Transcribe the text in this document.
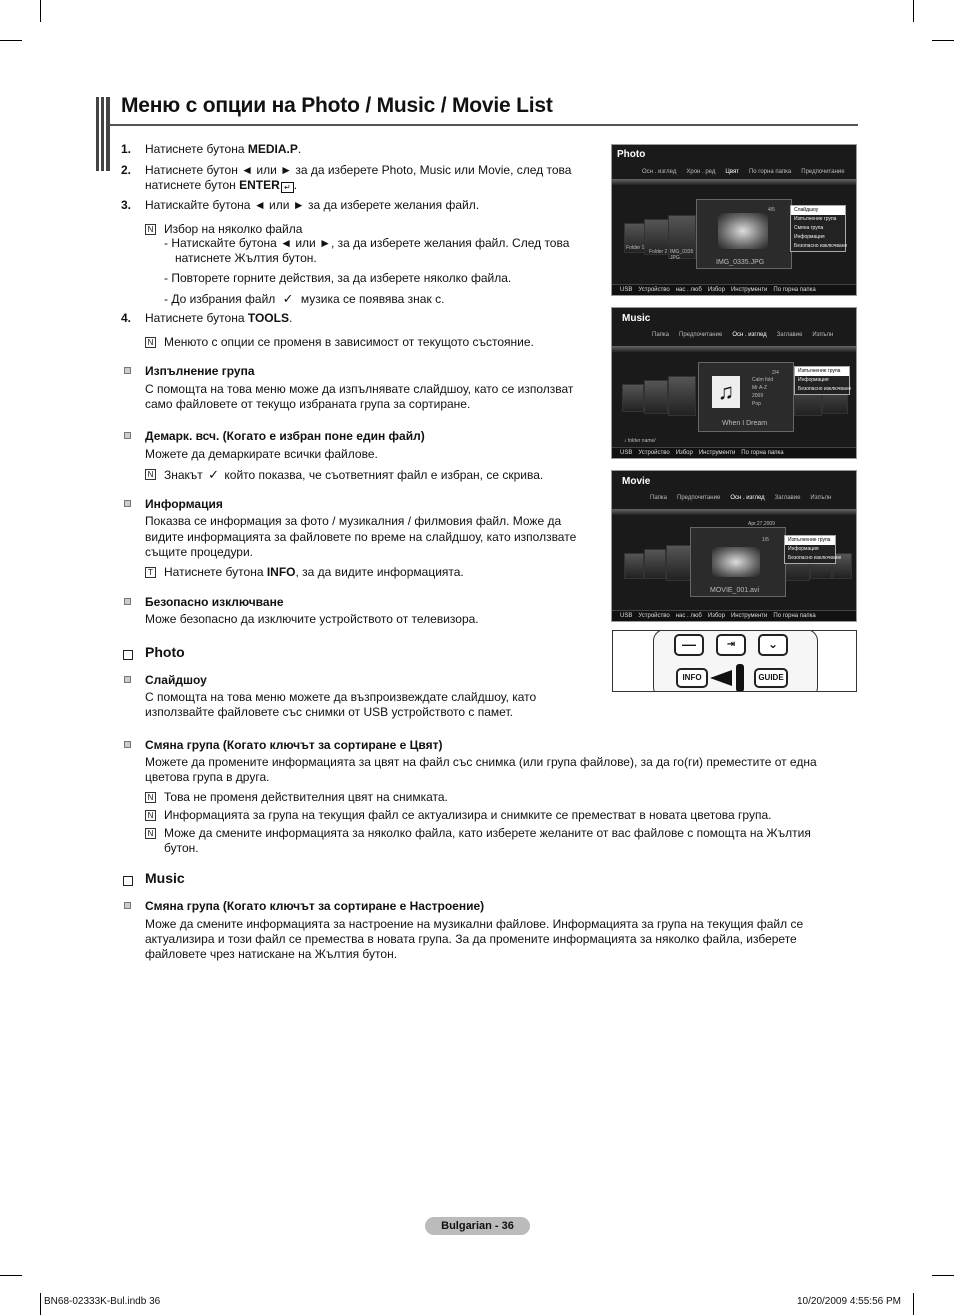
Меню с опции на Photo / Music / Movie List
1. Натиснете бутона MEDIA.P.
2. Натиснете бутон ◄ или ► за да изберете Photo, Music или Movie, след това
натиснете бутон ENTER ↵ .
3. Натискайте бутона ◄ или ► за да изберете желания файл.
N Избор на няколко файла
- Натискайте бутона ◄ или ►, за да изберете желания файл. След това
натиснете Жълтия бутон.
- Повторете горните действия, за да изберете няколко файла.
- До избрания файл ✓ музика се появява знак c.
4. Натиснете бутона TOOLS.
N Менюто с опции се променя в зависимост от текущото състояние.
Изпълнение група
С помощта на това меню може да изпълнявате слайдшоу, като се използват
само файловете от текущо избраната група за сортиране.
Демарк. всч. (Когато е избран поне един файл)
Можете да демаркирате всички файлове.
N Знакът ✓ който показва, че съответният файл е избран, се скрива.
Информация
Показва се информация за фото / музикалния / филмовия файл. Може да
видите информацията за файловете по време на слайдшоу, като използвате
същите процедури.
T Натиснете бутона INFO, за да видите информацията.
Безопасно изключване
Може безопасно да изключите устройството от телевизора.
Photo
Слайдшоу
С помощта на това меню можете да възпроизвеждате слайдшоу, като
използвайте файловете със снимки от USB устройството с памет.
Смяна група (Когато ключът за сортиране е Цвят)
Можете да промените информацията за цвят на файл със снимка (или група файлове), за да го(ги) преместите от една
цветова група в друга.
N Това не променя действителния цвят на снимката.
N Информацията за група на текущия файл се актуализира и снимките се преместват в новата цветова група.
N Може да смените информацията за няколко файла, като изберете желаните от вас файлове с помощта на Жълтия
бутон.
Music
Смяна група (Когато ключът за сортиране е Настроение)
Може да смените информацията за настроение на музикални файлове. Информацията за група на текущия файл се
актуализира и този файл се премества в новата група. За да промените информацията за няколко файла, изберете
файловете чрез натискане на Жълтия бутон.
Photo
Осн . изглед Хрон . ред Цвят По горна папка Предпочитание
Folder 1
Folder 2 IMG_0335 JPG
4/5
IMG_0335.JPG
Слайдшоу
Изпълнение група
Смяна група
Информация
Безопасно изключване
USB Устройство нас . люб Избор Инструменти По горна папка
Music
Папка Предпочитание Осн . изглед Заглавие Изпълн
2/4
♫	Calm fold
Mr A-Z
2009
Pop
When I Dream
♪ folder name/
Изпълнение група
Информация
Безопасно изключване
USB Устройство Избор Инструменти По горна папка
Movie
Папка Предпочитание Осн . изглед Заглавие Изпълн
Apr.27,2009
1/5
MOVIE_001.avi
Изпълнение група
Информация
Безопасно изключване
USB Устройство нас . люб Избор Инструменти По горна папка
—	⇥	⌄
INFO	GUIDE
Bulgarian - 36
BN68-02333K-Bul.indb 36	10/20/2009 4:55:56 PM
